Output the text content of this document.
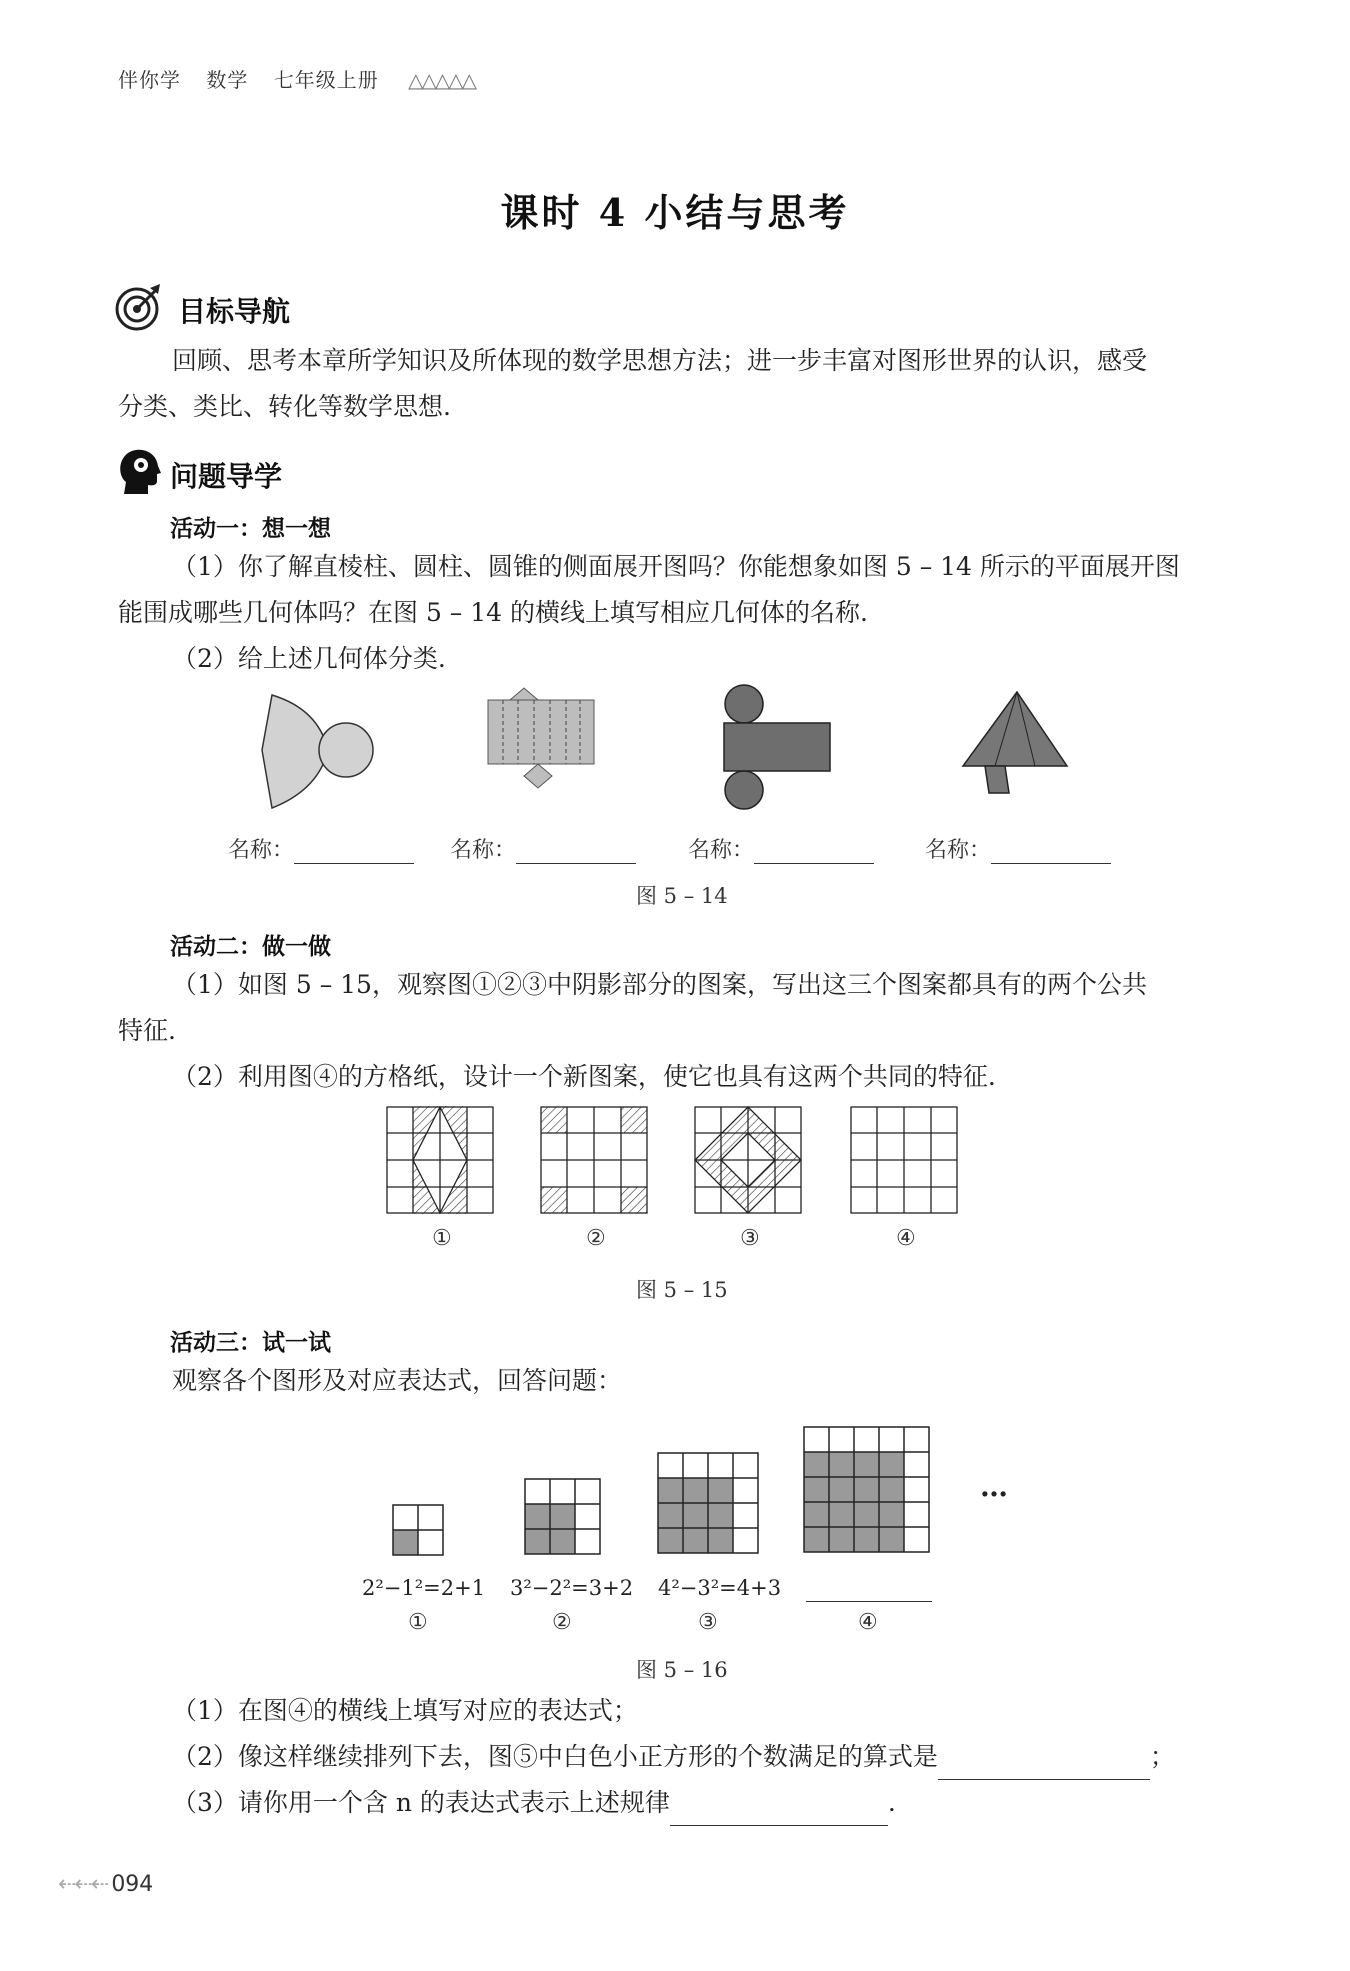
伴你学 数学 七年级上册 △△△△△
课时 4 小结与思考
目标导航
回顾、思考本章所学知识及所体现的数学思想方法；进一步丰富对图形世界的认识，感受
分类、类比、转化等数学思想.
问题导学
活动一：想一想
（1）你了解直棱柱、圆柱、圆锥的侧面展开图吗？你能想象如图 5 – 14 所示的平面展开图
能围成哪些几何体吗？在图 5 – 14 的横线上填写相应几何体的名称.
（2）给上述几何体分类.
名称：	名称：	名称：	名称：
图 5 – 14
活动二：做一做
（1）如图 5 – 15，观察图①②③中阴影部分的图案，写出这三个图案都具有的两个公共
特征.
（2）利用图④的方格纸，设计一个新图案，使它也具有这两个共同的特征.
①	②	③	④
图 5 – 15
活动三：试一试
观察各个图形及对应表达式，回答问题：
…
2²−1²=2+1 3²−2²=3+2 4²−3²=4+3
①	②	③	④
图 5 – 16
（1）在图④的横线上填写对应的表达式；
（2）像这样继续排列下去，图⑤中白色小正方形的个数满足的算式是	；
（3）请你用一个含 n 的表达式表示上述规律	.
⇠⇠⇠ 094
